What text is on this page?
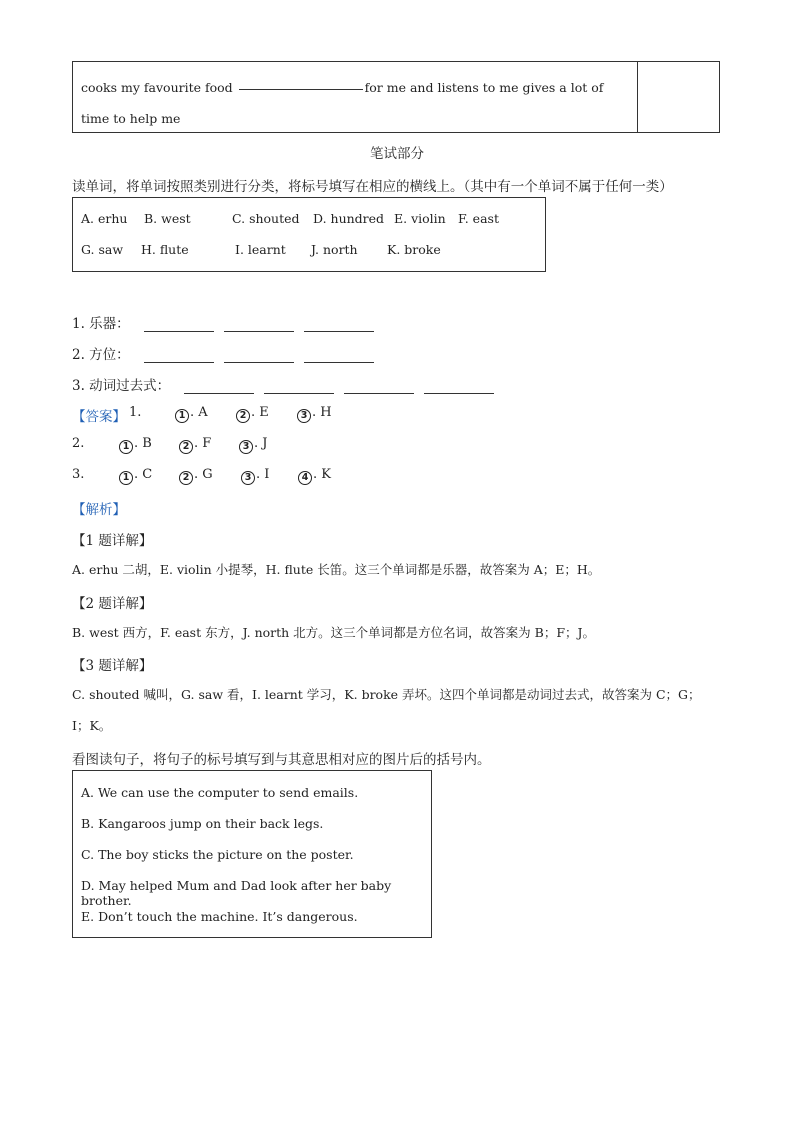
cooks my favourite food	for me and listens to me gives a lot of time to help me
笔试部分
读单词，将单词按照类别进行分类，将标号填写在相应的横线上。（其中有一个单词不属于任何一类）
A. erhu B. west	C. shouted D. hundred E. violin F. east
G. saw H. flute	I. learnt J. north K. broke
1. 乐器：
2. 方位：
3. 动词过去式：
【答案】 1.	1 . A	2 . E	3 . H
2.	1 . B	2 . F	3 . J
3.	1 . C	2 . G	3 . I	4 . K
【解析】
【1 题详解】
A. erhu 二胡，E. violin 小提琴，H. flute 长笛。这三个单词都是乐器，故答案为 A；E；H。
【2 题详解】
B. west 西方，F. east 东方，J. north 北方。这三个单词都是方位名词，故答案为 B；F；J。
【3 题详解】
C. shouted 喊叫，G. saw 看，I. learnt 学习，K. broke 弄坏。这四个单词都是动词过去式，故答案为 C；G；
I；K。
看图读句子，将句子的标号填写到与其意思相对应的图片后的括号内。
A. We can use the computer to send emails.
B. Kangaroos jump on their back legs.
C. The boy sticks the picture on the poster.
D. May helped Mum and Dad look after her baby brother.
E. Don’t touch the machine. It’s dangerous.
